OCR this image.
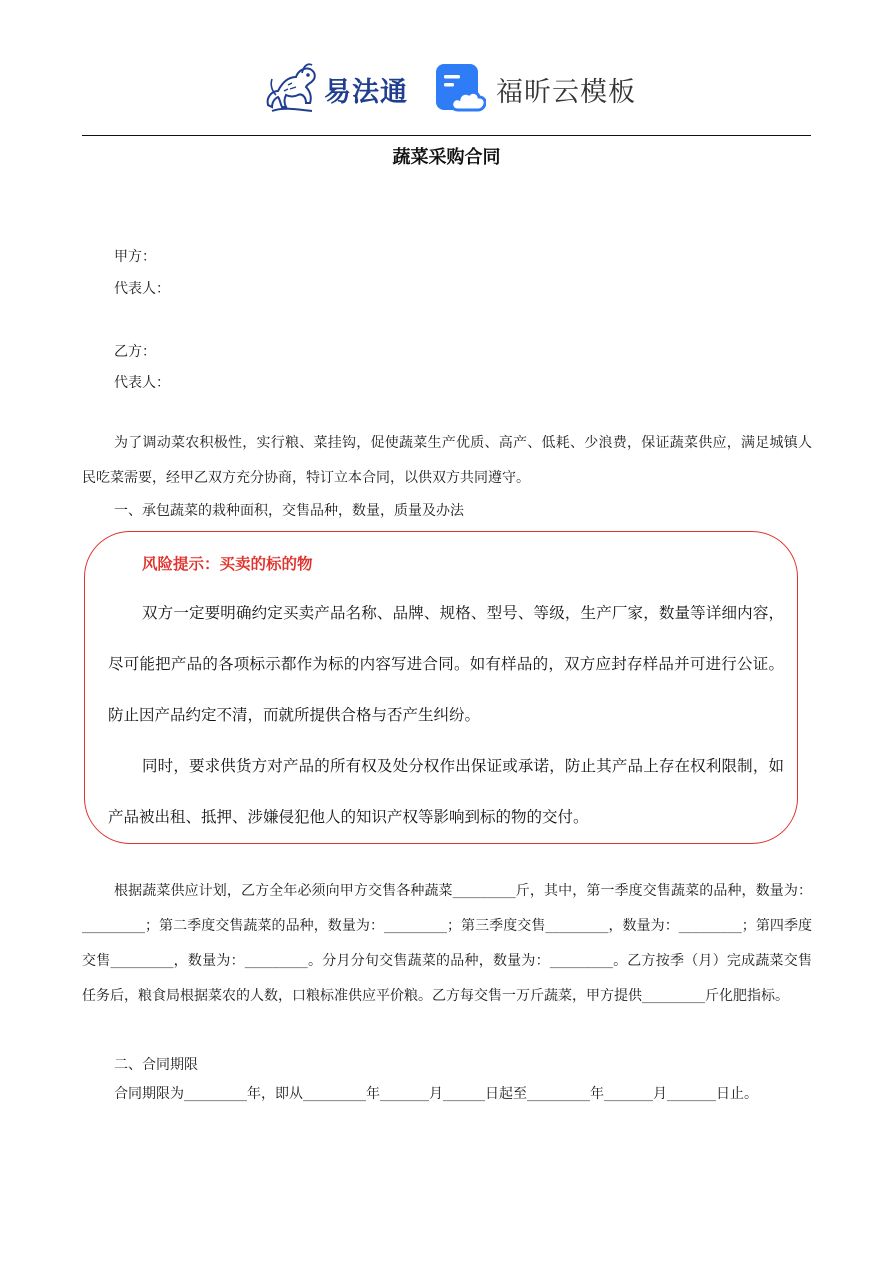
易法通	福昕云模板
蔬菜采购合同
甲方：
代表人：
乙方：
代表人：

为了调动菜农积极性，实行粮、菜挂钩，促使蔬菜生产优质、高产、低耗、少浪费，保证蔬菜供应，满足城镇人民吃菜需要，经甲乙双方充分协商，特订立本合同，以供双方共同遵守。

一、承包蔬菜的栽种面积，交售品种，数量，质量及办法
风险提示：买卖的标的物

双方一定要明确约定买卖产品名称、品牌、规格、型号、等级，生产厂家，数量等详细内容，尽可能把产品的各项标示都作为标的内容写进合同。如有样品的，双方应封存样品并可进行公证。防止因产品约定不清，而就所提供合格与否产生纠纷。

同时，要求供货方对产品的所有权及处分权作出保证或承诺，防止其产品上存在权利限制，如产品被出租、抵押、涉嫌侵犯他人的知识产权等影响到标的物的交付。

根据蔬菜供应计划，乙方全年必须向甲方交售各种蔬菜_________斤，其中，第一季度交售蔬菜的品种，数量为：_________；第二季度交售蔬菜的品种，数量为：_________；第三季度交售_________，数量为：_________；第四季度交售_________，数量为：_________。分月分旬交售蔬菜的品种，数量为：_________。乙方按季（月）完成蔬菜交售任务后，粮食局根据菜农的人数，口粮标准供应平价粮。乙方每交售一万斤蔬菜，甲方提供_________斤化肥指标。

二、合同期限

合同期限为_________年，即从_________年_______月______日起至_________年_______月_______日止。
